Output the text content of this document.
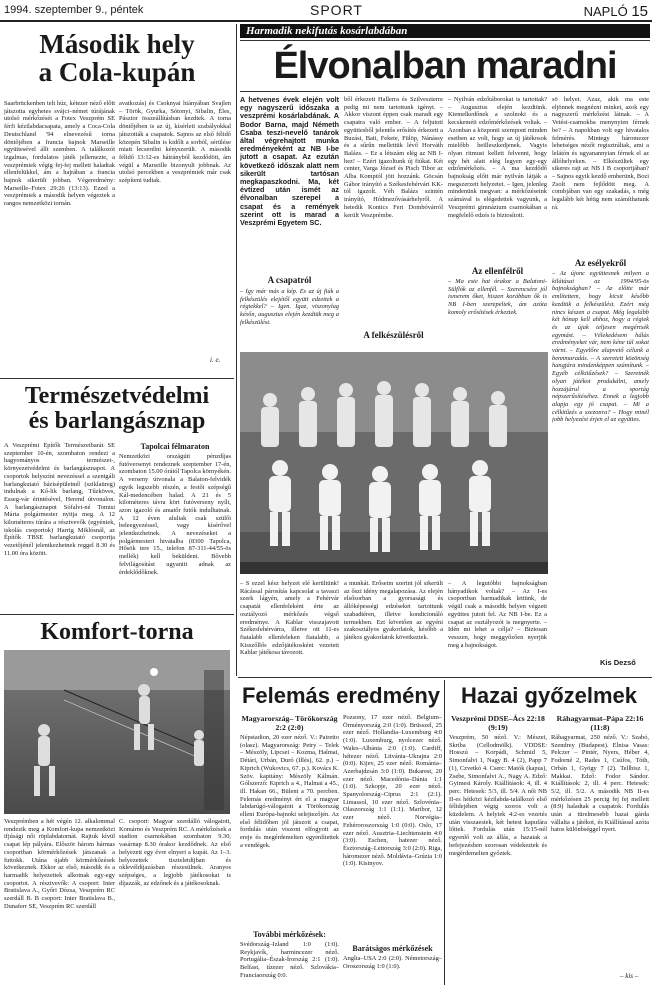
1994. szeptember 9., péntek	SPORT	NAPLÓ 15
Második hely
a Cola-kupán
Saarbrückenben telt húz, kétezer néző előtt játszotta egyhetes svájci–német túrájának utolsó mérkőzését a Fotex Veszprém SE férfi kézilabdacsapata, amely a Coca-Cola Deutschland '94 elnevezésű torna döntőjében a francia bajnok Marseille együttesével állt szemben. A találkozót izgalmas, fordulatos játék jellemezte, a veszprémiek végig fej-fej mellett haladtak ellenfelükkel, ám a hajrában a francia bajnok sikerült jobban. Végeredmény: Marseille–Fotex 29:26 (13:13). Ezzel a veszprémiek a második helyen végeztek a rangos nemzetközi tornán.
avatkozás) és Csoknyai hiányában Svajlen – Török, Gyurka, Sótonyi, Sibalin, Éles, Pásztor összeállításban kezdtek. A torna döntőjében is az új, kísérleti szabályokkal játszották a csapatok. Sajnos az első félidő közepén Sibalin is kidőlt a sorból, sérülése miatt lecserélni kényszerült. A második félidő 13:12-es hátrányból kezdődött, ám végül a Marseille bizonyult jobbnak. Az utolsó percekben a veszprémiek már csak szépíteni tudtak.
i. e.
Természetvédelmi
és barlangásznap
A Veszprémi Építők Természetbarát SE szeptember 10-én, szombaton rendezi a hagyományos természet-, környezetvédelmi és barlangásznapot. A csoportok helyszíni nevezéssel a szentgáli barlangkutató bázisépületnél (sziklaüreg) indulnak a Kő-lik barlang, Tűzköves, Esseg-vár érintésével, Herend útvonalon. A barlangásznapot Sófalvi-né Tomisi Márta polgármester nyitja meg. A 12 kilométeres túrára a résztvevők (egyéniek, iskolás csoportok) Harrig Miklósnál, az Építők TBSE barlangkutató csoportja vezetőjénél jelentkezhetnek reggel 8.30 és 11.00 óra között.
Tapolcai félmaraton
Nemzetközi országúti pénzdíjas futóversenyt rendeznek szeptember 17-én, szombaton 15.00 órától Tapolca környékén. A verseny útvonala a Balaton-felvidék egyik legszebb részén, a festői szépségű Kál-medencében halad. A 21 és 5 kilométeres távra kört futóverseny nyílt, azon igazoló és amatőr futók indulhatnak. A 12 éven aluliak csak szülői beleegyezéssel, vagy kísérővel jelentkezhetnek. A nevezéseket a polgármesteri hivatalba (8300 Tapolca, Hősök tere 15., telefon 87-311-44/55-ös mellék) kell beküldeni. Bővebb felvilágosítást ugyanitt adnak az érdeklődőknek.
Komfort-torna
Veszprémben a hét végén 12. alkalommal rendezik meg a Komfort-kupa nemzetközi ifjúsági női röplabdatornát. Rajtuk kívül csapat lép pályára. Először három hármas csoportban körmérkőzések játszanak a futtokk. Utána újabb körmérkőzések következnek. Ekkor az első, második és a harmadik helyezettek alkotnak egy-egy csoportot. A résztvevők: A csoport: Inter Bratislava A., Győri Dózsa, Veszprém RC szerdáll B. B csoport: Inter Bratislava B., Dunaferr SE, Veszprém RC szerdáll
C. csoport: Magyar szerdálló válogatott, Komárno és Veszprém RC. A mérkőzések a stadion csarnokában szombaton 9.30, vasárnap 8.30 órakor kezdődnek. Az első helyezett egy évre elnyeri a kupát. Az 1–3. helyezettek tiszteletdíjban és oklevéldíjazásban részesülnek. Aranyos szépséges, a legjobb játékosokat is díjazzák, az edzőnek és a játékosoknak.
Harmadik nekifutás kosárlabdában
Élvonalban maradni
A hetvenes évek elején volt egy nagyszerű időszaka a veszprémi kosárlabdának. A Bodor Barna, majd Németh Csaba teszi-nevelő tanárok által végrehajtott munka eredményeként az NB I-be jutott a csapat. Az ezután következő időszak alatt nem sikerült tartósan megkapaszkodni. Ma, két évtized után ismét az élvonalban szerepel a csapat és a remények szerint ott is marad a Veszprémi Egyetem SC.
A csapatról
– Így már más a kép. És az új fiúk a felkészülés elejétől együtt edzettek a régiekkel? – Igen. Igaz, viszonylag későn, augusztus elején kezdtük meg a felkészülést.
ből érkezett Hallerra és Szilveszterre pedig mi nem tartottunk igényt. – Akkor viszont éppen csak maradt egy csapatra való ember. – A feljutott együttesből jelentős erősítés érkezett a Buzási, Bati, Fekete, Fülöp, Nánássy és a sűrűn mellettük lévő Horváth Balázs. – Ez a létszám elég az NB I-hez! – Ezért igazoltunk új fiúkat. Két center, Varga József és Pisch Tibor az Alba Komptól jött hozzánk. Göcsán Gábor irányító a Székesfehérvári KK-tól igazolt. Véh Balázs szintén irányító, Hódmezővásárhelyről. A hetedik Kontics Feri Dombóvárról került Veszprémbe.
A felkészülésről
– Nyilván edzőtáborokat is tartottak? – Augusztus elején kezdtünk. Kiemelkedőnek a szolnoki és a kecskeméti edzőmérkőzések voltak. – Azonban a központi szempont minden esetben az volt, hogy az új játékosok mielőbb beilleszkedjenek. Vagyis olyan ritmust kellett felvenni, hogy egy hét alatt elég legyen egy-egy edzőmérkőzés. – A ma kezdődő bajnokság előtt már nyilván látják a megszerzett helyzetet. – Igen, jelenleg mindenünk megvan: a mérkőzéseink számával is elégedettek vagyunk, a Veszprémi gimnázium csarnokában a megfelelő edzés is biztosított.
Az ellenfélről
– Ma este hat órakor a Balatoni-Sülflók az ellenfél. – Szerencsére jól ismerem őket, hiszen korábban ők is NB I-ben szerepeltek, ám azóta komoly erősítések érkeztek.
sö helyet. Azaz, akik ma este eljönnek megnézni minket, azok egy nagyszerű mérkőzést látnak. – A Vetési-csarnokba menynyien férnek be? – A napokban volt egy hivatalos felmérés. Mintegy háromezer lehetséges nézőt regisztráltak, ami a lelátón és ugyanannyian férnek el az állóhelyeken. – Elkészültek egy sikeres rajt az NB I B csoportjában? – Sajnos egyik kezdő emberünk, Bozi Zsolt nem fejlődött meg. A combjában van egy szakadás, s még legalább két hétig nem számíthatunk rá.
Az esélyekről
– Az újonc együttesnek milyen a kilátásai az 1994/95-ös bajnokságban? – Az előtte már említettem, hogy kicsit később kezdtük a felkészülést. Ezért még nincs készen a csapat. Még legalább két hónap kell ahhoz, hogy a régiek és az újak teljesen megértsék egymást. – Vélekedésem hálás eredményeket vár, nem kéne túl sokat várni. – Egyelőre alapvető célunk a bennmaradás. – A szeretett közönség hangjára mindenképpen számítunk. – Egyéb célkitűzések? – Szeretnék olyan játékot produkálni, amely hozzájárul a sportág népszerűsítéséhez. Ennek a legjobb alapja egy jó csapat. – Mi a célkitűzés a szezonra? – Hogy minél jobb helyezést érjen el az együttes.
Kis Dezső
– S ezzel kész helyzet elé kerültünk! Rácással párosítás kapcsolat a tavaszi szerk lágyén, amely a Fehérvár csapatát ellenfeleként érte az osztályozó mérkőzés végső eredménye. A Kablar visszajavott Székesfehérvárra, illetve ott 11-es fiatalabb ellenfeleken fiatalabb, a Kisszőllős edzőjátékosként vezetett Kablar játékosa távozott.
a munkát. Erőseim szerint jól sikerült az őszi idény megalapozása. Az elején elsősorban a gyorsasági és állóképességi edzéseket tartottunk szabadtéren, illetve kondicionáló termekben. Ezt követően az egyéni szakosztályos gyakorlatok, később a játékos gyakorlatok következtek.
– A legutóbbi bajnokságban hányadikok voltak? – Az I-es csoportban harmadikak lettünk, de végül csak a második helyen végzett együttes jutott fel. Az NB I-be. Ez a csapat az osztályozót is megnyerte. – Idén mi lehet a célja? – Biztosan vesszen, hogy meggyőzően nyerjük meg a bajnokságot.
Felemás eredmény
Magyarország– Törökország 2:2 (2:0)
Népstadion, 20 ezer néző. V.: Pairetto (olasz). Magyarország: Petry – Telek – Mészöly, Lipcsei – Kozma, Halmai, Détári, Urbán, Duró (Illés), 62. p.) – Kiprich (Wukovics, 67. p.). Kovács K. Szöv. kapitány: Mészöly Kálmán. Gólszerző: Kiprich a 4., Halmai a 45., ill. Hakan 66., Bülent a 70. percben. Felemás eredményt ért el a magyar labdarúgó-válogatott a Törökország elleni Európa-bajnoki selejtezőjén. Az első félidőben jól játszott a csapat, fordulás után viszont elfogyott az ereje és megérdemelten egyenlítettek a vendégek.
További mérkőzések:
Svédország–Izland 1:0 (1:0). Reykjavík, harmincezer néző. Portugália–Észak-Írország 2:1 (1:0). Belfast, tízezer néző. Szlovákia–Franciaország 0:0.
Pozsony, 17 ezer néző. Belgium–Örményország 2:0 (1:0). Brüsszel, 25 ezer néző. Hollandia–Luxemburg 4:0 (1:0). Luxemburg, nyolcezer néző. Wales–Albánia 2:0 (1:0). Cardiff, hétezer néző. Litvánia–Ukrajna 2:0 (0:0). Kijev, 25 ezer néző. Románia–Azerbajdzsán 3:0 (1:0). Bukarest, 20 ezer néző. Macedónia–Dánia 1:1 (1:0). Szkopje, 20 ezer néző. Spanyolország–Ciprus 2:1 (2:1). Limassol, 10 ezer néző. Szlovénia–Olaszország 1:1 (1:1). Maribor, 12 ezer néző. Norvégia–Fehéroroszország 1:0 (0:0). Oslo, 17 ezer néző. Ausztria–Liechtenstein 4:0 (3:0). Eschen, hatezer néző. Észtország–Lettország 3:0 (2:0). Riga, háromezer néző. Moldávia–Grúzia 1:0 (1:0). Kisinyov.
Barátságos mérkőzések
Anglia–USA 2:0 (2:0). Németország–Oroszország 1:0 (1:0).
Hazai győzelmek
Veszprémi DDSE–Ács 22:18 (9:19)
Veszprém, 50 néző. V.: Mészei, Skriba (Cellodmölk). VDDSE: Hosszú – Korpádi, Schmid 5, Simonfalvi 1, Nagy B. 4 (2), Papp 7 (1), Czvetkó 4. Cserc: Matók (kapus), Zsebe, Simonfalvi A., Nagy A. Edző: Gyimesi Károly. Kiállítások: 4, ill. 4 perc. Hetesek: 5/3, ill. 5/4. A női NB II-es hétközi kézilabda-találkozó első félidejében végig szoros volt a küzdelem. A helyiek 4:2-es vezetés után visszaestek, két hetest kapufára lőttek. Fordulás után 15:15-nél egyenlő volt az állás, a hazaiak a befejezésben szorosan védekeztek és megérdemelten győztek.
Ráhagyarmat–Pápa 22:16 (11:8)
Ráhagyarmat, 250 néző. V.: Szabó, Szendrey (Budapest). Elnisa Vasas: Pelczer – Pintér, Nyers, Héber 4, Fodorné 2, Rades 1, Csúfos, Tóth, Orbán 1, Gyögy 7 (2). Tellbisz 1, Makkai. Edző: Fodor Sándor. Kiállítások: 2, ill. 4 perc. Hetesek: 5/2, ill. 5/2. A második NB II-es mérkőzésen 25 percig fej fej mellett (8:9) haladtak a csapatok. Fordulás után a türelmesebb hazai gárda vállalta a játékot, és Kiállítással azóta hatos különbséggel nyert.
– kis –
